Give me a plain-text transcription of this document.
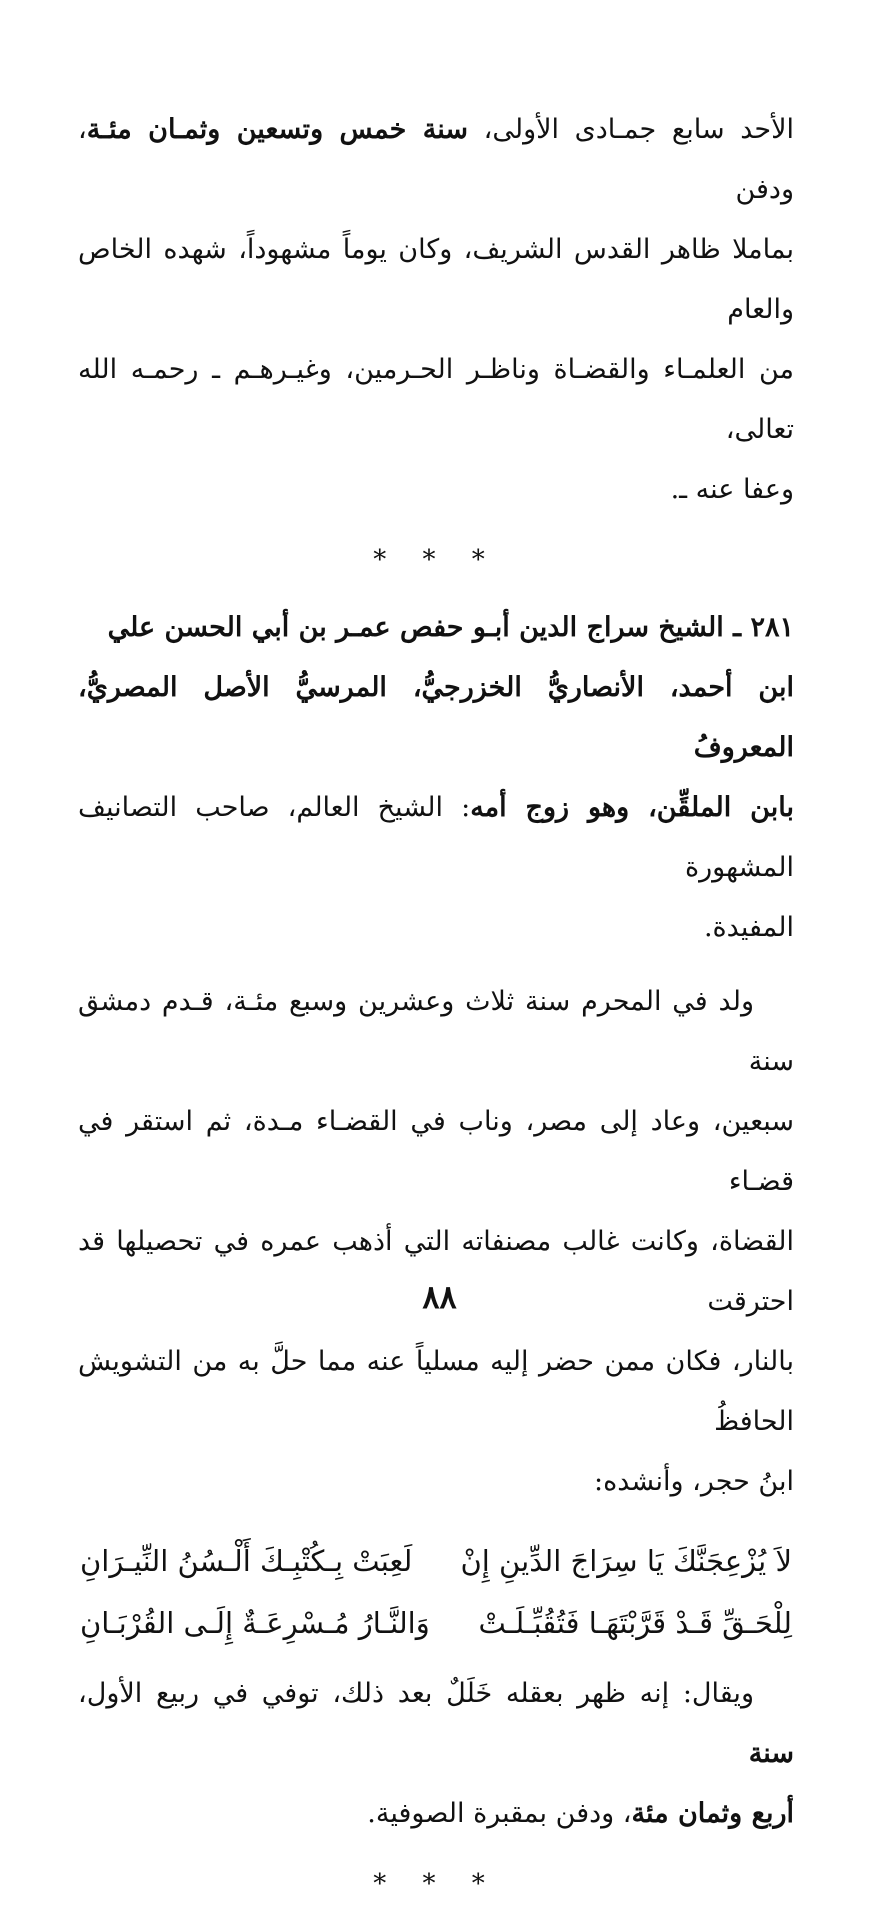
الأحد سابع جمـادى الأولى، سنة خمس وتسعين وثمـان مئـة، ودفن
بماملا ظاهر القدس الشريف، وكان يوماً مشهوداً، شهده الخاص والعام
من العلمـاء والقضـاة وناظـر الحـرمين، وغيـرهـم ـ رحمـه الله تعالى،
وعفا عنه ـ.

* * *

٢٨١ ـ الشيخ سراج الدين أبـو حفص عمـر بن أبي الحسن علي
ابن أحمد، الأنصاريُّ الخزرجيُّ، المرسيُّ الأصل المصريُّ، المعروفُ
بابن الملقِّن، وهو زوج أمه: الشيخ العالم، صاحب التصانيف المشهورة
المفيدة.

ولد في المحرم سنة ثلاث وعشرين وسبع مئـة، قـدم دمشق سنة
سبعين، وعاد إلى مصر، وناب في القضـاء مـدة، ثم استقر في قضـاء
القضاة، وكانت غالب مصنفاته التي أذهب عمره في تحصيلها قد احترقت
بالنار، فكان ممن حضر إليه مسلياً عنه مما حلَّ به من التشويش الحافظُ
ابنُ حجر، وأنشده:

لاَ يُزْعِجَنَّكَ يَا سِرَاجَ الدِّينِ إِنْ
لَعِبَتْ بِـكُتْبِـكَ أَلْـسُنُ النِّيـرَانِ
لِلْحَـقِّ قَـدْ قَرَّبْتَهَـا فَتُقُبِّـلَـتْ
وَالنَّـارُ مُـسْرِعَـةٌ إِلَـى القُرْبَـانِ

ويقال: إنه ظهر بعقله خَلَلٌ بعد ذلك، توفي في ربيع الأول، سنة
أربع وثمان مئة، ودفن بمقبرة الصوفية.

* * *
٨٨
